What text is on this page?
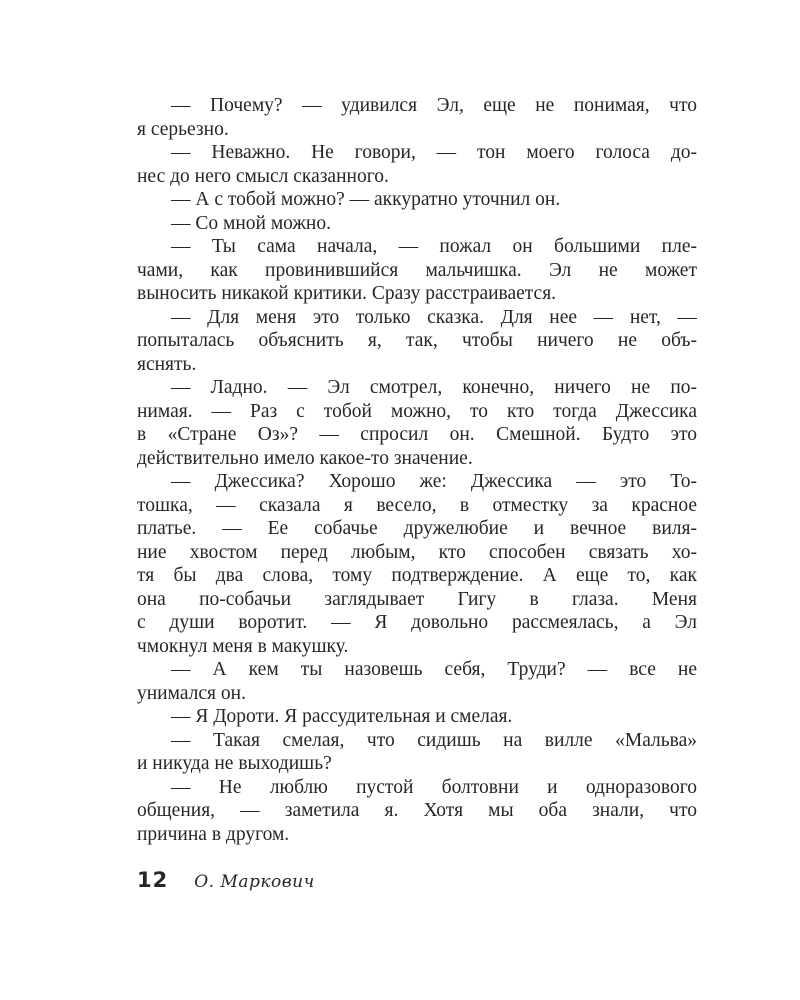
— Почему? — удивился Эл, еще не понимая, что
я серьезно.
— Неважно. Не говори, — тон моего голоса до-
нес до него смысл сказанного.
— А с тобой можно? — аккуратно уточнил он.
— Со мной можно.
— Ты сама начала, — пожал он большими пле-
чами, как провинившийся мальчишка. Эл не может
выносить никакой критики. Сразу расстраивается.
— Для меня это только сказка. Для нее — нет, —
попыталась объяснить я, так, чтобы ничего не объ-
яснять.
— Ладно. — Эл смотрел, конечно, ничего не по-
нимая. — Раз с тобой можно, то кто тогда Джессика
в «Стране Оз»? — спросил он. Смешной. Будто это
действительно имело какое-то значение.
— Джессика? Хорошо же: Джессика — это То-
тошка, — сказала я весело, в отместку за красное
платье. — Ее собачье дружелюбие и вечное виля-
ние хвостом перед любым, кто способен связать хо-
тя бы два слова, тому подтверждение. А еще то, как
она по-собачьи заглядывает Гигу в глаза. Меня
с души воротит. — Я довольно рассмеялась, а Эл
чмокнул меня в макушку.
— А кем ты назовешь себя, Труди? — все не
унимался он.
— Я Дороти. Я рассудительная и смелая.
— Такая смелая, что сидишь на вилле «Мальва»
и никуда не выходишь?
— Не люблю пустой болтовни и одноразового
общения, — заметила я. Хотя мы оба знали, что
причина в другом.
12 О. Маркович
